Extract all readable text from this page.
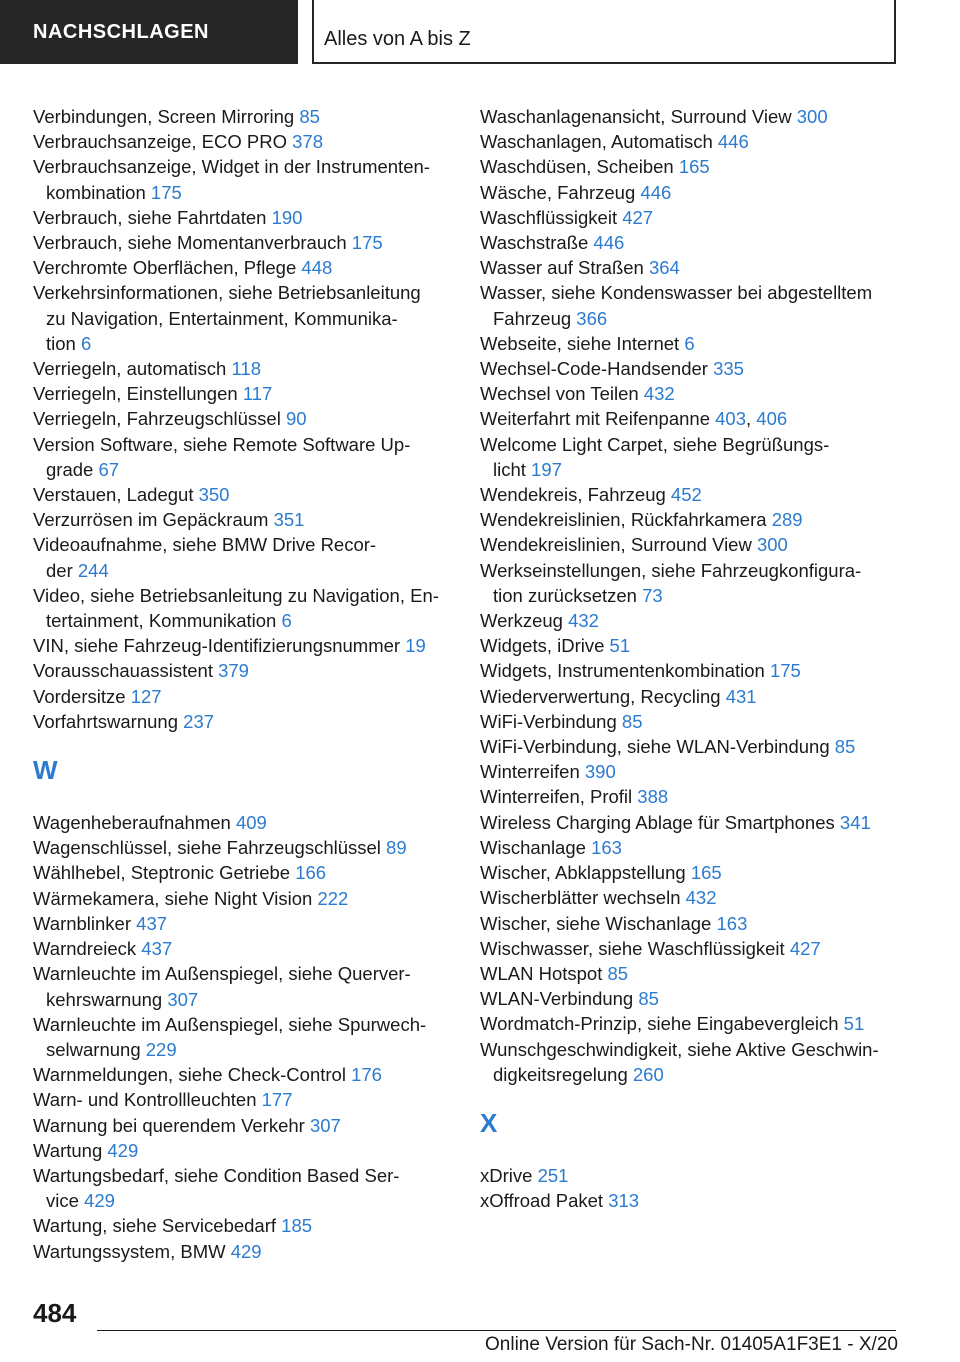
NACHSCHLAGEN	Alles von A bis Z
Verbindungen, Screen Mirroring 85
Verbrauchsanzeige, ECO PRO 378
Verbrauchsanzeige, Widget in der Instrumenten-
kombination 175
Verbrauch, siehe Fahrtdaten 190
Verbrauch, siehe Momentanverbrauch 175
Verchromte Oberflächen, Pflege 448
Verkehrsinformationen, siehe Betriebsanleitung
zu Navigation, Entertainment, Kommunika-
tion 6
Verriegeln, automatisch 118
Verriegeln, Einstellungen 117
Verriegeln, Fahrzeugschlüssel 90
Version Software, siehe Remote Software Up-
grade 67
Verstauen, Ladegut 350
Verzurrösen im Gepäckraum 351
Videoaufnahme, siehe BMW Drive Recor-
der 244
Video, siehe Betriebsanleitung zu Navigation, En-
tertainment, Kommunikation 6
VIN, siehe Fahrzeug-Identifizierungsnummer 19
Vorausschauassistent 379
Vordersitze 127
Vorfahrtswarnung 237
W
Wagenheberaufnahmen 409
Wagenschlüssel, siehe Fahrzeugschlüssel 89
Wählhebel, Steptronic Getriebe 166
Wärmekamera, siehe Night Vision 222
Warnblinker 437
Warndreieck 437
Warnleuchte im Außenspiegel, siehe Querver-
kehrswarnung 307
Warnleuchte im Außenspiegel, siehe Spurwech-
selwarnung 229
Warnmeldungen, siehe Check-Control 176
Warn- und Kontrollleuchten 177
Warnung bei querendem Verkehr 307
Wartung 429
Wartungsbedarf, siehe Condition Based Ser-
vice 429
Wartung, siehe Servicebedarf 185
Wartungssystem, BMW 429
Waschanlagenansicht, Surround View 300
Waschanlagen, Automatisch 446
Waschdüsen, Scheiben 165
Wäsche, Fahrzeug 446
Waschflüssigkeit 427
Waschstraße 446
Wasser auf Straßen 364
Wasser, siehe Kondenswasser bei abgestelltem
Fahrzeug 366
Webseite, siehe Internet 6
Wechsel-Code-Handsender 335
Wechsel von Teilen 432
Weiterfahrt mit Reifenpanne 403, 406
Welcome Light Carpet, siehe Begrüßungs-
licht 197
Wendekreis, Fahrzeug 452
Wendekreislinien, Rückfahrkamera 289
Wendekreislinien, Surround View 300
Werkseinstellungen, siehe Fahrzeugkonfigura-
tion zurücksetzen 73
Werkzeug 432
Widgets, iDrive 51
Widgets, Instrumentenkombination 175
Wiederverwertung, Recycling 431
WiFi-Verbindung 85
WiFi-Verbindung, siehe WLAN-Verbindung 85
Winterreifen 390
Winterreifen, Profil 388
Wireless Charging Ablage für Smartphones 341
Wischanlage 163
Wischer, Abklappstellung 165
Wischerblätter wechseln 432
Wischer, siehe Wischanlage 163
Wischwasser, siehe Waschflüssigkeit 427
WLAN Hotspot 85
WLAN-Verbindung 85
Wordmatch-Prinzip, siehe Eingabevergleich 51
Wunschgeschwindigkeit, siehe Aktive Geschwin-
digkeitsregelung 260
X
xDrive 251
xOffroad Paket 313
484
Online Version für Sach-Nr. 01405A1F3E1 - X/20
